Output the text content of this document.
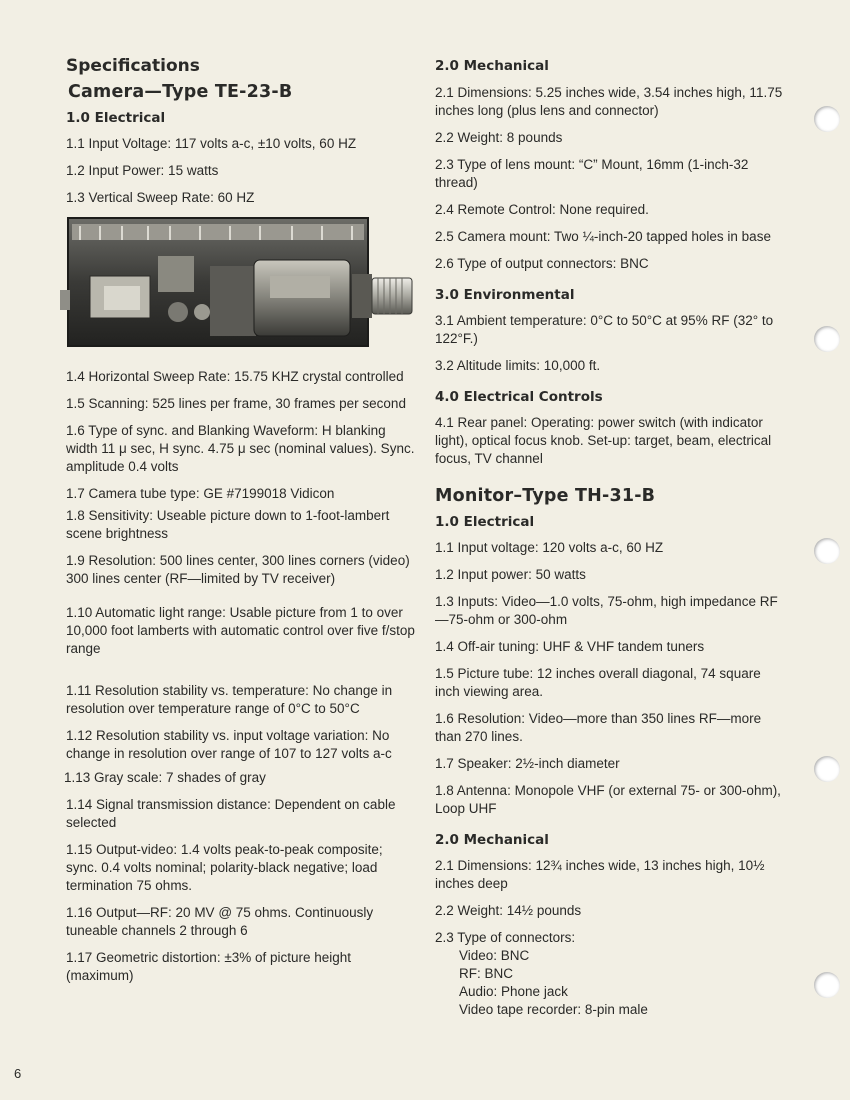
Specifications
Camera—Type TE-23-B
1.0 Electrical

1.1 Input Voltage: 117 volts a-c, ±10 volts, 60 HZ

1.2 Input Power: 15 watts

1.3 Vertical Sweep Rate: 60 HZ

1.4 Horizontal Sweep Rate: 15.75 KHZ crystal controlled

1.5 Scanning: 525 lines per frame, 30 frames per second

1.6 Type of sync. and Blanking Waveform: H blanking width 11 μ sec, H sync. 4.75 μ sec (nominal values). Sync. amplitude 0.4 volts

1.7 Camera tube type: GE #7199018 Vidicon

1.8 Sensitivity: Useable picture down to 1-foot-lambert scene brightness

1.9 Resolution: 500 lines center, 300 lines corners (video) 300 lines center (RF—limited by TV receiver)

1.10 Automatic light range: Usable picture from 1 to over 10,000 foot lamberts with automatic control over five f/stop range

1.11 Resolution stability vs. temperature: No change in resolution over temperature range of 0°C to 50°C

1.12 Resolution stability vs. input voltage variation: No change in resolution over range of 107 to 127 volts a-c

1.13 Gray scale: 7 shades of gray

1.14 Signal transmission distance: Dependent on cable selected

1.15 Output-video: 1.4 volts peak-to-peak composite; sync. 0.4 volts nominal; polarity-black negative; load termination 75 ohms.

1.16 Output—RF: 20 MV @ 75 ohms. Continuously tuneable channels 2 through 6

1.17 Geometric distortion: ±3% of picture height (maximum)

2.0 Mechanical

2.1 Dimensions: 5.25 inches wide, 3.54 inches high, 11.75 inches long (plus lens and connector)

2.2 Weight: 8 pounds

2.3 Type of lens mount: “C” Mount, 16mm (1-inch-32 thread)

2.4 Remote Control: None required.

2.5 Camera mount: Two ¼-inch-20 tapped holes in base

2.6 Type of output connectors: BNC

3.0 Environmental

3.1 Ambient temperature: 0°C to 50°C at 95% RF (32° to 122°F.)

3.2 Altitude limits: 10,000 ft.

4.0 Electrical Controls

4.1 Rear panel: Operating: power switch (with indicator light), optical focus knob. Set-up: target, beam, electrical focus, TV channel

Monitor–Type TH-31-B
1.0 Electrical

1.1 Input voltage: 120 volts a-c, 60 HZ

1.2 Input power: 50 watts

1.3 Inputs: Video—1.0 volts, 75-ohm, high impedance RF—75-ohm or 300-ohm

1.4 Off-air tuning: UHF & VHF tandem tuners

1.5 Picture tube: 12 inches overall diagonal, 74 square inch viewing area.

1.6 Resolution: Video—more than 350 lines RF—more than 270 lines.

1.7 Speaker: 2½-inch diameter

1.8 Antenna: Monopole VHF (or external 75- or 300-ohm), Loop UHF

2.0 Mechanical

2.1 Dimensions: 12¾ inches wide, 13 inches high, 10½ inches deep

2.2 Weight: 14½ pounds

2.3 Type of connectors:
Video: BNC
RF: BNC
Audio: Phone jack
Video tape recorder: 8-pin male

6
